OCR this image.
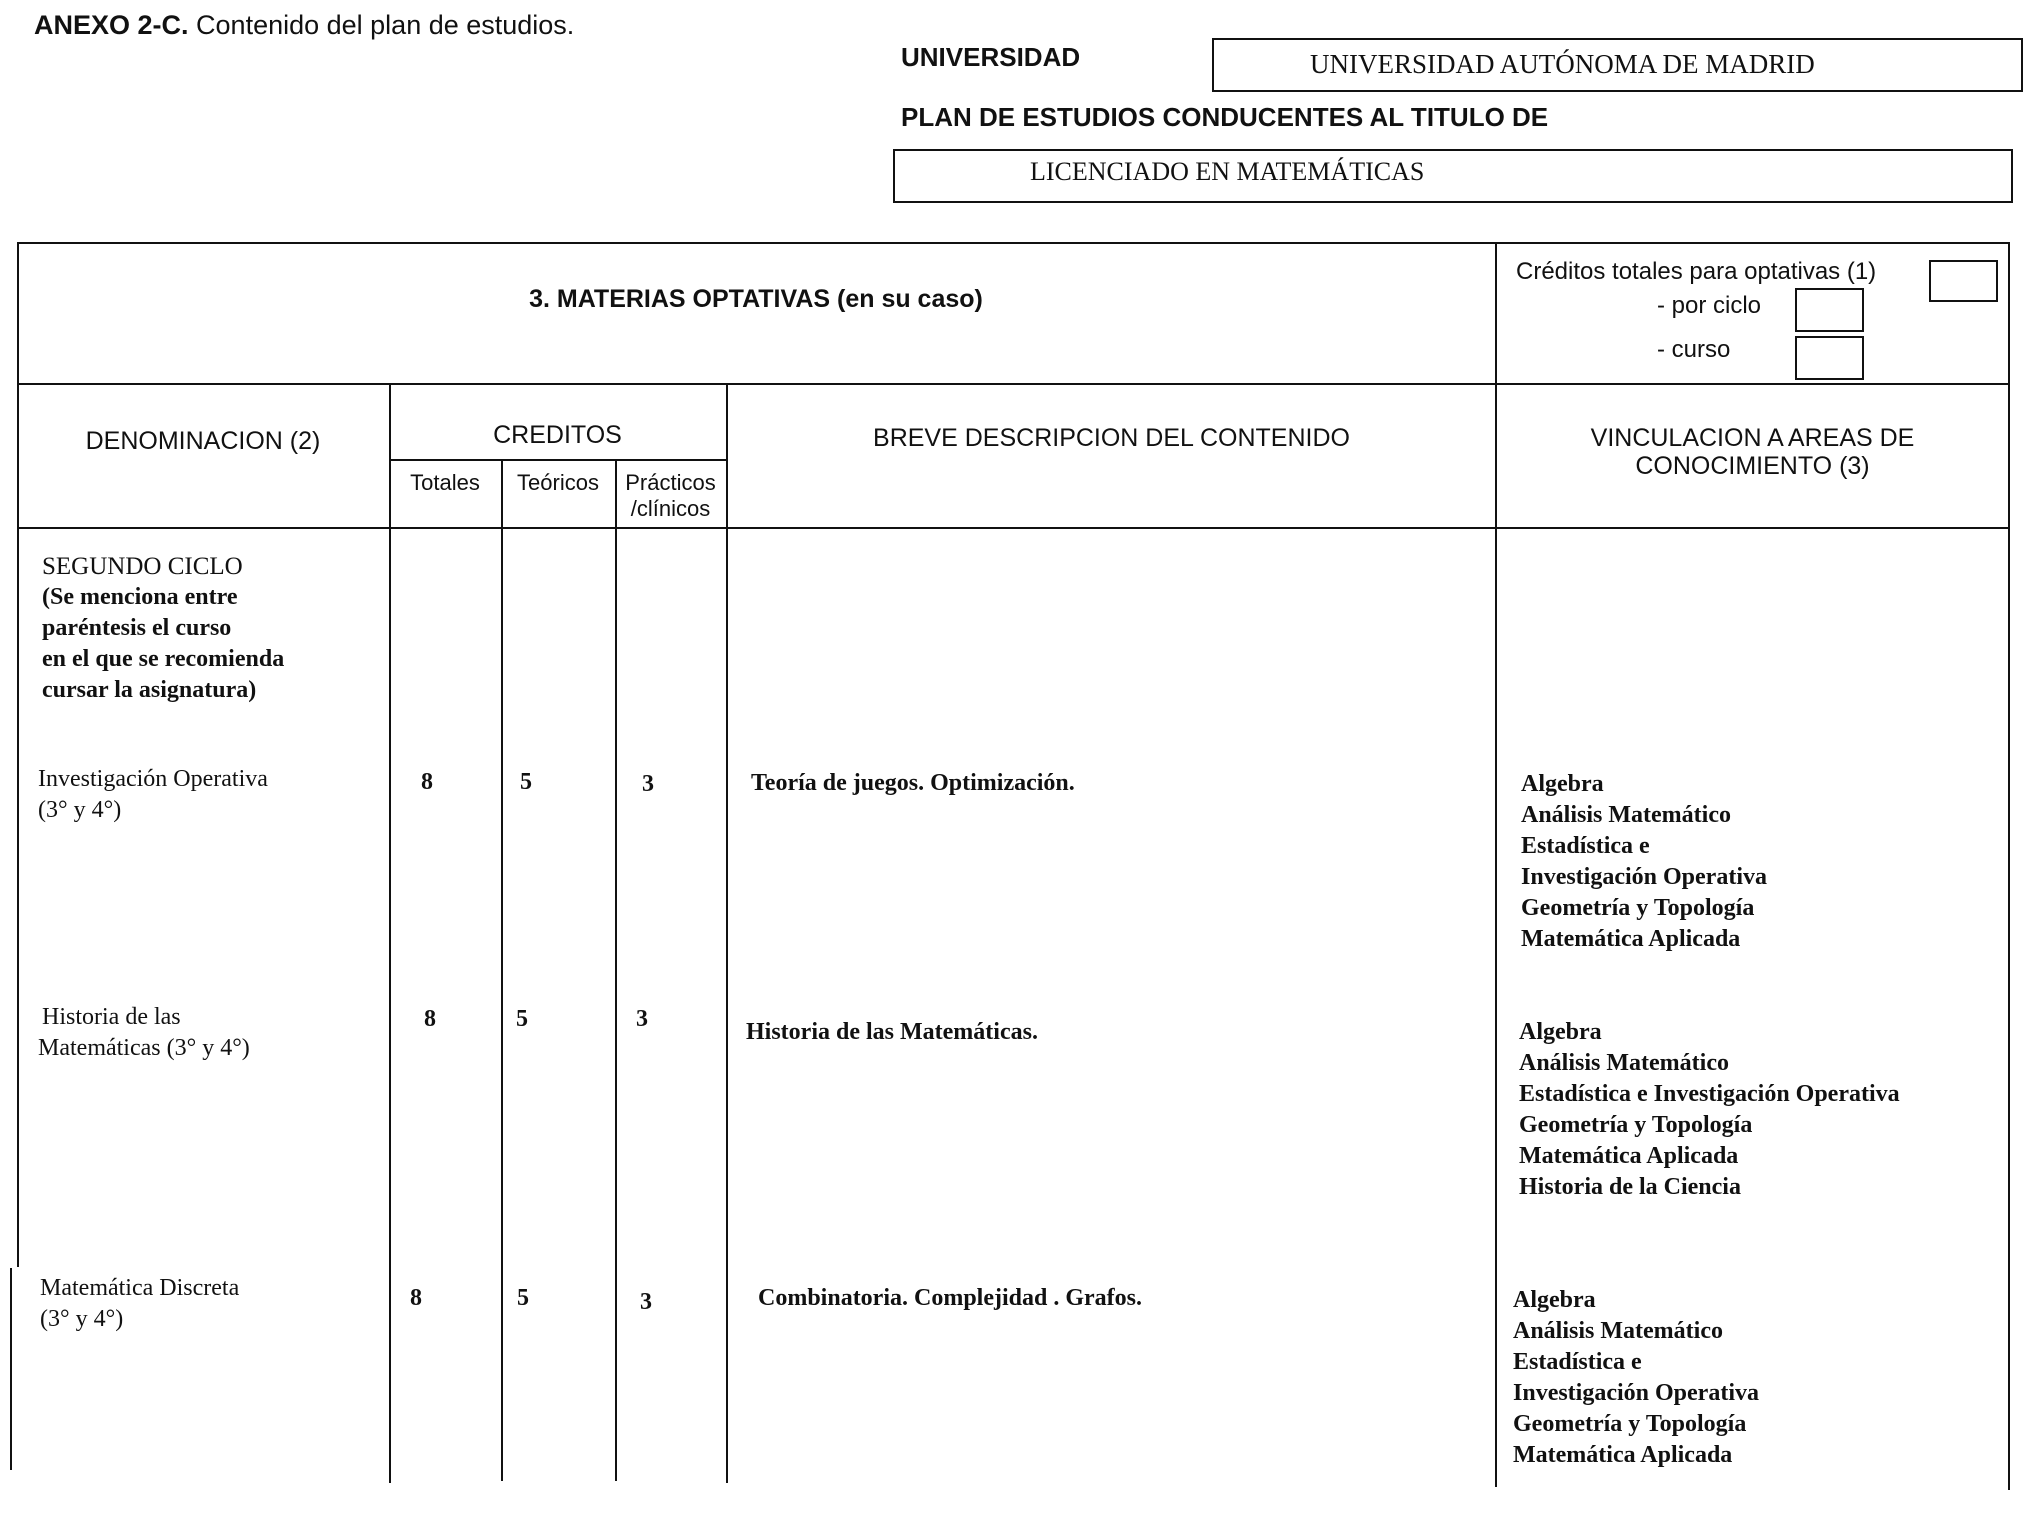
ANEXO 2-C. Contenido del plan de estudios.
UNIVERSIDAD	UNIVERSIDAD AUTÓNOMA DE MADRID
PLAN DE ESTUDIOS CONDUCENTES AL TITULO DE
LICENCIADO EN MATEMÁTICAS
3. MATERIAS OPTATIVAS (en su caso)
Créditos totales para optativas (1)
- por ciclo
- curso
DENOMINACION (2)	CREDITOS
Totales	Teóricos	Prácticos
/clínicos
BREVE DESCRIPCION DEL CONTENIDO	VINCULACION A AREAS DE
CONOCIMIENTO (3)
SEGUNDO CICLO
(Se menciona entre
paréntesis el curso
en el que se recomienda
cursar la asignatura)
Investigación Operativa
(3° y 4°)
8	5	3	Teoría de juegos. Optimización.	Algebra
Análisis Matemático
Estadística e
Investigación Operativa
Geometría y Topología
Matemática Aplicada
Historia de las
Matemáticas (3° y 4°)
8	5	3	Historia de las Matemáticas.	Algebra
Análisis Matemático
Estadística e Investigación Operativa
Geometría y Topología
Matemática Aplicada
Historia de la Ciencia
Matemática Discreta
(3° y 4°)
8	5	3	Combinatoria. Complejidad . Grafos.	Algebra
Análisis Matemático
Estadística e
Investigación Operativa
Geometría y Topología
Matemática Aplicada
